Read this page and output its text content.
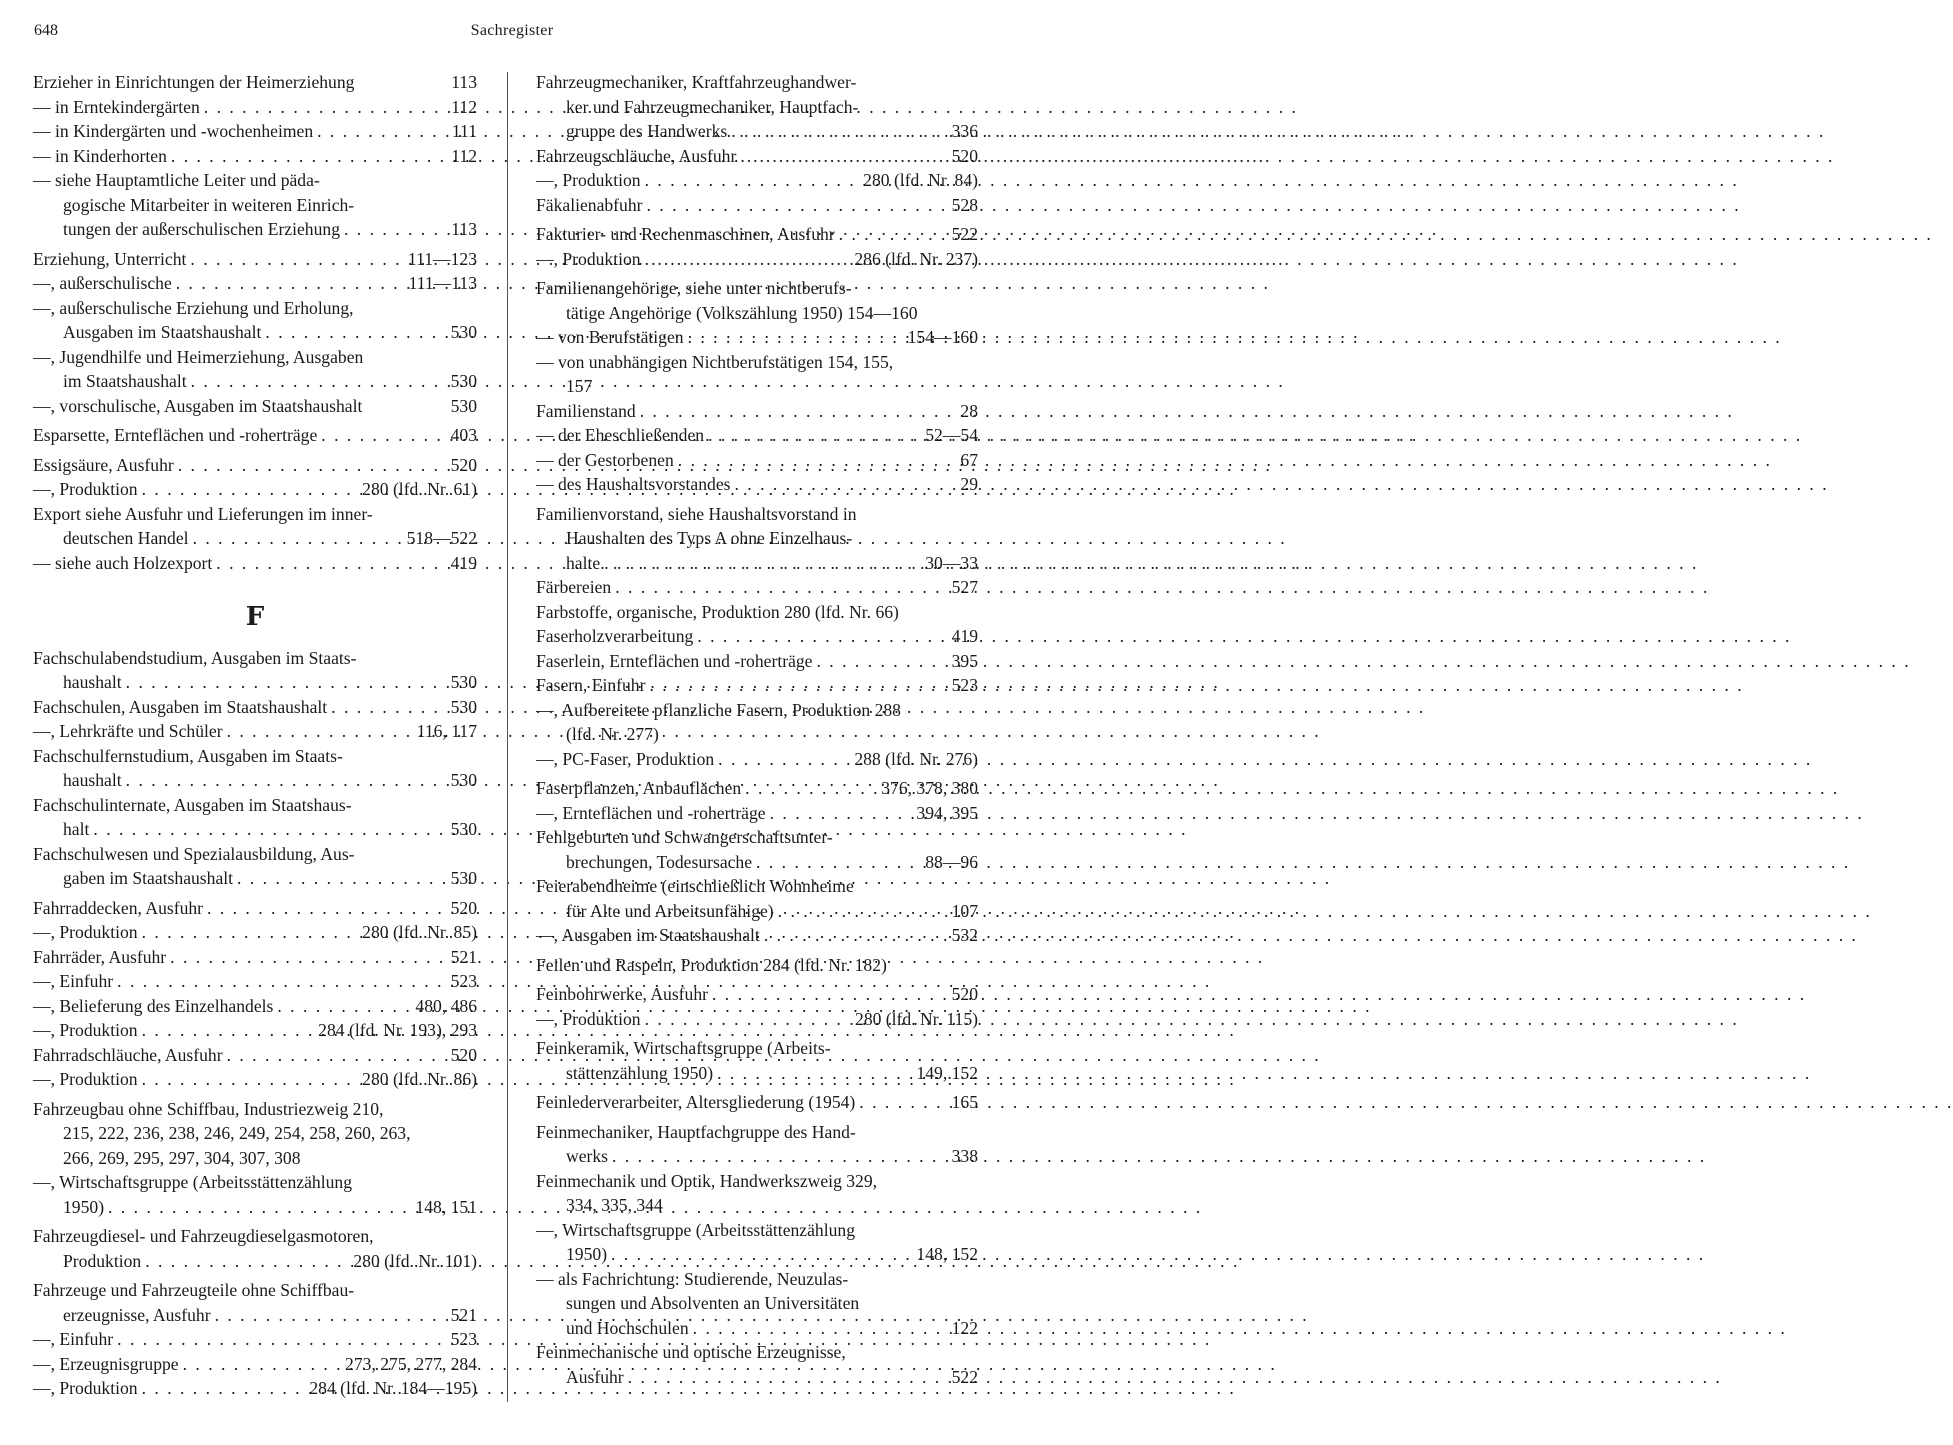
648	Sachregister
Erzieher in Einrichtungen der Heimerziehung	113
— in Erntekindergärten . . .	112
— in Kindergärten und -wochenheimen . . .	111
— in Kinderhorten . . .	112
— siehe Hauptamtliche Leiter und päda-
gogische Mitarbeiter in weiteren Einrich-
tungen der außerschulischen Erziehung . . .	113
Erziehung, Unterricht . . .	111—123
—, außerschulische . . .	111—113
—, außerschulische Erziehung und Erholung,
Ausgaben im Staatshaushalt . . .	530
—, Jugendhilfe und Heimerziehung, Ausgaben
im Staatshaushalt . . .	530
—, vorschulische, Ausgaben im Staatshaushalt	530
Esparsette, Ernteflächen und -roherträge . . .	403
Essigsäure, Ausfuhr . . .	520
—, Produktion . . .	280 (lfd. Nr. 61)
Export siehe Ausfuhr und Lieferungen im inner-
deutschen Handel . . .	518—522
— siehe auch Holzexport . . .	419
F
Fachschulabendstudium, Ausgaben im Staats-
haushalt . . .	530
Fachschulen, Ausgaben im Staatshaushalt . . .	530
—, Lehrkräfte und Schüler . . .	116, 117
Fachschulfernstudium, Ausgaben im Staats-
haushalt . . .	530
Fachschulinternate, Ausgaben im Staatshaus-
halt . . .	530
Fachschulwesen und Spezialausbildung, Aus-
gaben im Staatshaushalt . . .	530
Fahrraddecken, Ausfuhr . . .	520
—, Produktion . . .	280 (lfd. Nr. 85)
Fahrräder, Ausfuhr . . .	521
—, Einfuhr . . .	523
—, Belieferung des Einzelhandels . . .	480, 486
—, Produktion . . .	284 (lfd. Nr. 193), 293
Fahrradschläuche, Ausfuhr . . .	520
—, Produktion . . .	280 (lfd. Nr. 86)
Fahrzeugbau ohne Schiffbau, Industriezweig 210,
215, 222, 236, 238, 246, 249, 254, 258, 260, 263,
266, 269, 295, 297, 304, 307, 308
—, Wirtschaftsgruppe (Arbeitsstättenzählung
1950) . . .	148, 151
Fahrzeugdiesel- und Fahrzeugdieselgasmotoren,
Produktion . . .	280 (lfd. Nr. 101)
Fahrzeuge und Fahrzeugteile ohne Schiffbau-
erzeugnisse, Ausfuhr . . .	521
—, Einfuhr . . .	523
—, Erzeugnisgruppe . . .	273, 275, 277, 284
—, Produktion . . .	284 (lfd. Nr. 184—195)
Fahrzeugmechaniker, Kraftfahrzeughandwer-
ker und Fahrzeugmechaniker, Hauptfach-
gruppe des Handwerks . . .	336
Fahrzeugschläuche, Ausfuhr . . .	520
—, Produktion . . .	280 (lfd. Nr. 84)
Fäkalienabfuhr . . .	528
Fakturier- und Rechenmaschinen, Ausfuhr . . .	522
—, Produktion . . .	286 (lfd. Nr. 237)
Familienangehörige, siehe unter nichtberufs-
tätige Angehörige (Volkszählung 1950) 154—160
— von Berufstätigen . . .	154—160
— von unabhängigen Nichtberufstätigen 154, 155,
157
Familienstand . . .	28
— der Eheschließenden . . .	52—54
— der Gestorbenen . . .	67
— des Haushaltsvorstandes . . .	29
Familienvorstand, siehe Haushaltsvorstand in
Haushalten des Typs A ohne Einzelhaus-
halte . . .	30—33
Färbereien . . .	527
Farbstoffe, organische, Produktion 280 (lfd. Nr. 66)
Faserholzverarbeitung . . .	419
Faserlein, Ernteflächen und -roherträge . . .	395
Fasern, Einfuhr . . .	523
—, Aufbereitete pflanzliche Fasern, Produktion 288
(lfd. Nr. 277)
—, PC-Faser, Produktion . . .	288 (lfd. Nr. 276)
Faserpflanzen, Anbauflächen . . .	376, 378, 380
—, Ernteflächen und -roherträge . . .	394, 395
Fehlgeburten und Schwangerschaftsunter-
brechungen, Todesursache . . .	88—96
Feierabendheime (einschließlich Wohnheime
für Alte und Arbeitsunfähige) . . .	107
—, Ausgaben im Staatshaushalt . . .	532
Feilen und Raspeln, Produktion 284 (lfd. Nr. 182)
Feinbohrwerke, Ausfuhr . . .	520
—, Produktion . . .	280 (lfd. Nr. 115)
Feinkeramik, Wirtschaftsgruppe (Arbeits-
stättenzählung 1950) . . .	149, 152
Feinlederverarbeiter, Altersgliederung (1954) . . .	165
Feinmechaniker, Hauptfachgruppe des Hand-
werks . . .	338
Feinmechanik und Optik, Handwerkszweig 329,
334, 335, 344
—, Wirtschaftsgruppe (Arbeitsstättenzählung
1950) . . .	148, 152
— als Fachrichtung: Studierende, Neuzulas-
sungen und Absolventen an Universitäten
und Hochschulen . . .	122
Feinmechanische und optische Erzeugnisse,
Ausfuhr . . .	522
